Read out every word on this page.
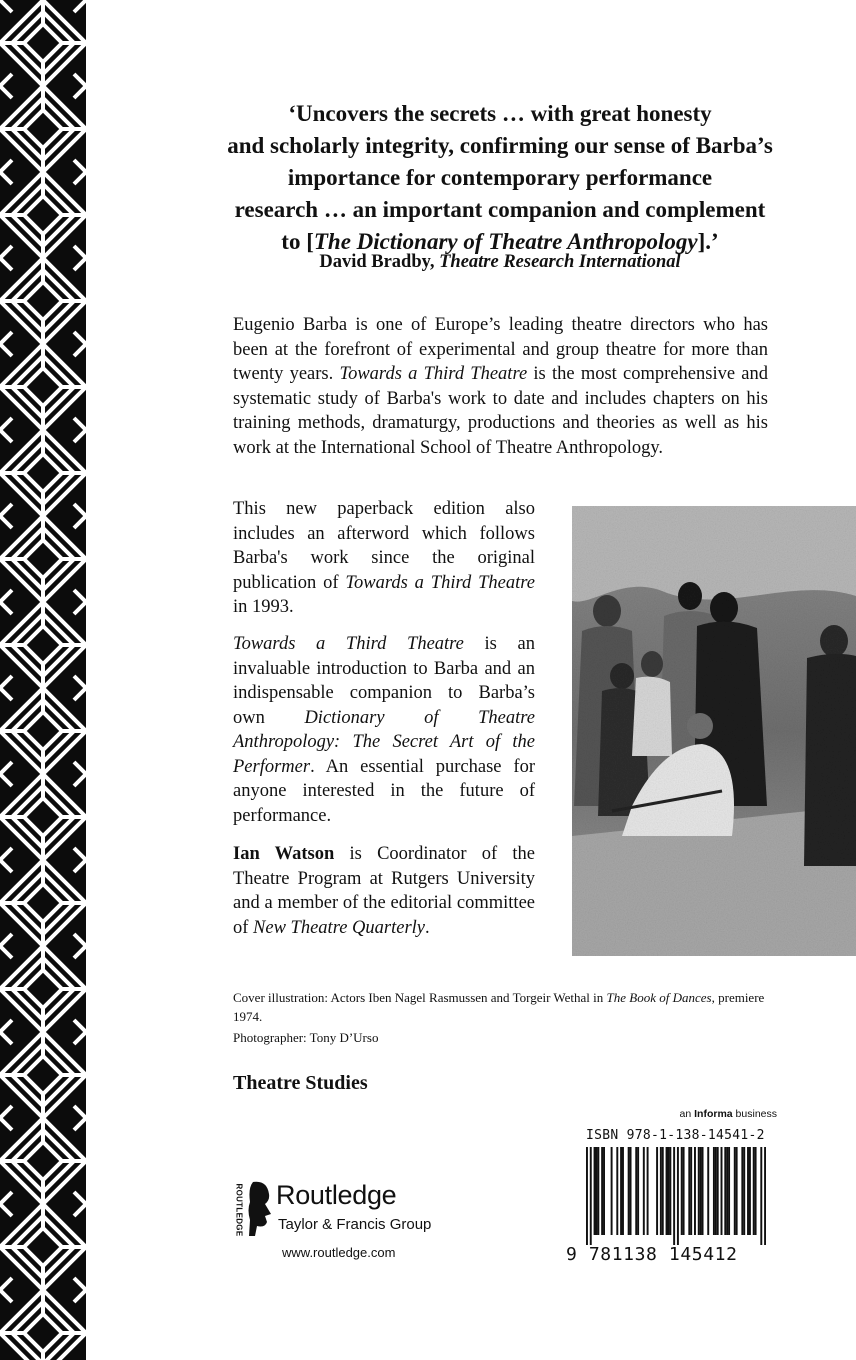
‘Uncovers the secrets … with great honesty

and scholarly integrity, confirming our sense of Barba’s

importance for contemporary performance

research … an important companion and complement

to [The Dictionary of Theatre Anthropology].’

David Bradby, Theatre Research International

Eugenio Barba is one of Europe’s leading theatre directors who has been at the forefront of experimental and group theatre for more than twenty years. Towards a Third Theatre is the most comprehensive and systematic study of Barba's work to date and includes chapters on his training methods, dramaturgy, productions and theories as well as his work at the International School of Theatre Anthropology.

This new paperback edition also includes an afterword which follows Barba's work since the original publication of Towards a Third Theatre in 1993.

Towards a Third Theatre is an invaluable introduction to Barba and an indispensable companion to Barba’s own Dictionary of Theatre Anthropology: The Secret Art of the Performer. An essential purchase for anyone interested in the future of performance.

Ian Watson is Coordinator of the Theatre Program at Rutgers University and a member of the editorial committee of New Theatre Quarterly.

Cover illustration: Actors Iben Nagel Rasmussen and Torgeir Wethal in The Book of Dances, premiere 1974.

Photographer: Tony D’Urso

Theatre Studies
an Informa business
ISBN 978-1-138-14541-2
9 781138 145412
ROUTLEDGE Routledge
Taylor & Francis Group
www.routledge.com
